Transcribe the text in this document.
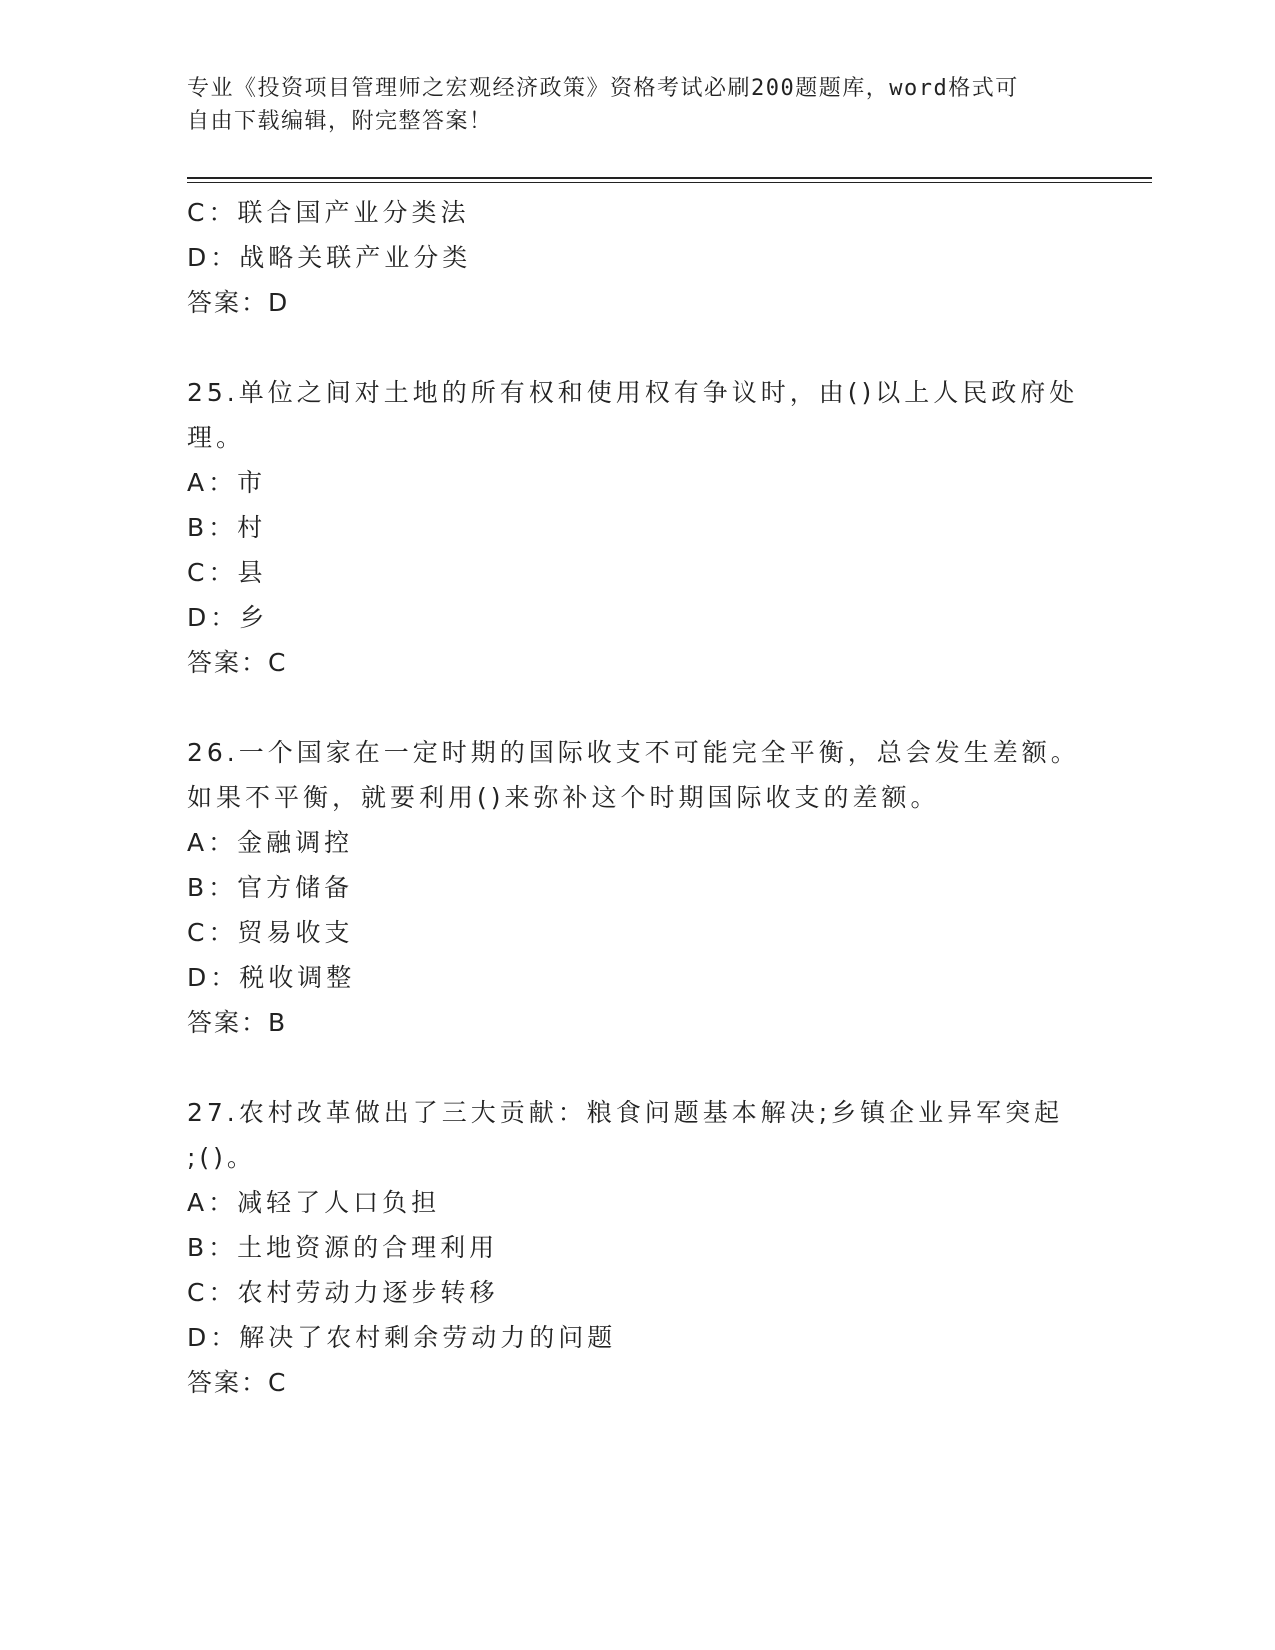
专业《投资项目管理师之宏观经济政策》资格考试必刷200题题库，word格式可
自由下载编辑，附完整答案！
C：联合国产业分类法
D：战略关联产业分类
答案：D
25.单位之间对土地的所有权和使用权有争议时，由()以上人民政府处
理。
A：市
B：村
C：县
D：乡
答案：C
26.一个国家在一定时期的国际收支不可能完全平衡，总会发生差额。
如果不平衡，就要利用()来弥补这个时期国际收支的差额。
A：金融调控
B：官方储备
C：贸易收支
D：税收调整
答案：B
27.农村改革做出了三大贡献：粮食问题基本解决;乡镇企业异军突起
;()。
A：减轻了人口负担
B：土地资源的合理利用
C：农村劳动力逐步转移
D：解决了农村剩余劳动力的问题
答案：C
